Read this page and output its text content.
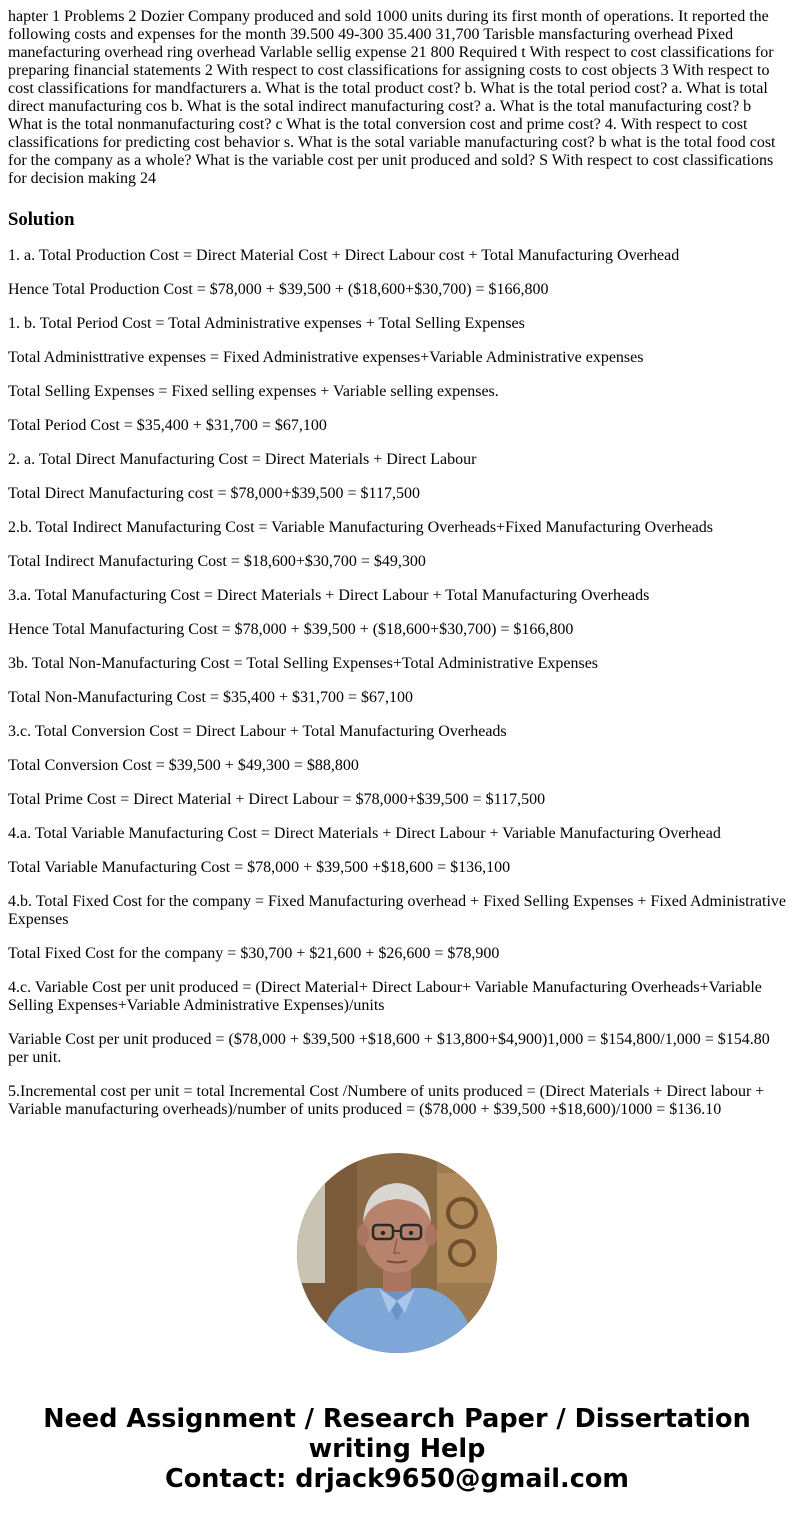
hapter 1 Problems 2 Dozier Company produced and sold 1000 units during its first month of operations. It reported the following costs and expenses for the month 39.500 49-300 35.400 31,700 Tarisble mansfacturing overhead Pixed manefacturing overhead ring overhead Varlable sellig expense 21 800 Required t With respect to cost classifications for preparing financial statements 2 With respect to cost classifications for assigning costs to cost objects 3 With respect to cost classifications for mandfacturers a. What is the total product cost? b. What is the total period cost? a. What is total direct manufacturing cos b. What is the sotal indirect manufacturing cost? a. What is the total manufacturing cost? b What is the total nonmanufacturing cost? c What is the total conversion cost and prime cost? 4. With respect to cost classifications for predicting cost behavior s. What is the sotal variable manufacturing cost? b what is the total food cost for the company as a whole? What is the variable cost per unit produced and sold? S With respect to cost classifications for decision making 24
Solution

1. a. Total Production Cost = Direct Material Cost + Direct Labour cost + Total Manufacturing Overhead

Hence Total Production Cost = $78,000 + $39,500 + ($18,600+$30,700) = $166,800

1. b. Total Period Cost = Total Administrative expenses + Total Selling Expenses

Total Administtrative expenses = Fixed Administrative expenses+Variable Administrative expenses

Total Selling Expenses = Fixed selling expenses + Variable selling expenses.

Total Period Cost = $35,400 + $31,700 = $67,100

2. a. Total Direct Manufacturing Cost = Direct Materials + Direct Labour

Total Direct Manufacturing cost = $78,000+$39,500 = $117,500

2.b. Total Indirect Manufacturing Cost = Variable Manufacturing Overheads+Fixed Manufacturing Overheads

Total Indirect Manufacturing Cost = $18,600+$30,700 = $49,300

3.a. Total Manufacturing Cost = Direct Materials + Direct Labour + Total Manufacturing Overheads

Hence Total Manufacturing Cost = $78,000 + $39,500 + ($18,600+$30,700) = $166,800

3b. Total Non-Manufacturing Cost = Total Selling Expenses+Total Administrative Expenses

Total Non-Manufacturing Cost = $35,400 + $31,700 = $67,100

3.c. Total Conversion Cost = Direct Labour + Total Manufacturing Overheads

Total Conversion Cost = $39,500 + $49,300 = $88,800

Total Prime Cost = Direct Material + Direct Labour = $78,000+$39,500 = $117,500

4.a. Total Variable Manufacturing Cost = Direct Materials + Direct Labour + Variable Manufacturing Overhead

Total Variable Manufacturing Cost = $78,000 + $39,500 +$18,600 = $136,100

4.b. Total Fixed Cost for the company = Fixed Manufacturing overhead + Fixed Selling Expenses + Fixed Administrative Expenses

Total Fixed Cost for the company = $30,700 + $21,600 + $26,600 = $78,900

4.c. Variable Cost per unit produced = (Direct Material+ Direct Labour+ Variable Manufacturing Overheads+Variable Selling Expenses+Variable Administrative Expenses)/units

Variable Cost per unit produced = ($78,000 + $39,500 +$18,600 + $13,800+$4,900)1,000 = $154,800/1,000 = $154.80 per unit.

5.Incremental cost per unit = total Incremental Cost /Numbere of units produced = (Direct Materials + Direct labour + Variable manufacturing overheads)/number of units produced = ($78,000 + $39,500 +$18,600)/1000 = $136.10

Need Assignment / Research Paper / Dissertation
writing Help
Contact: drjack9650@gmail.com
